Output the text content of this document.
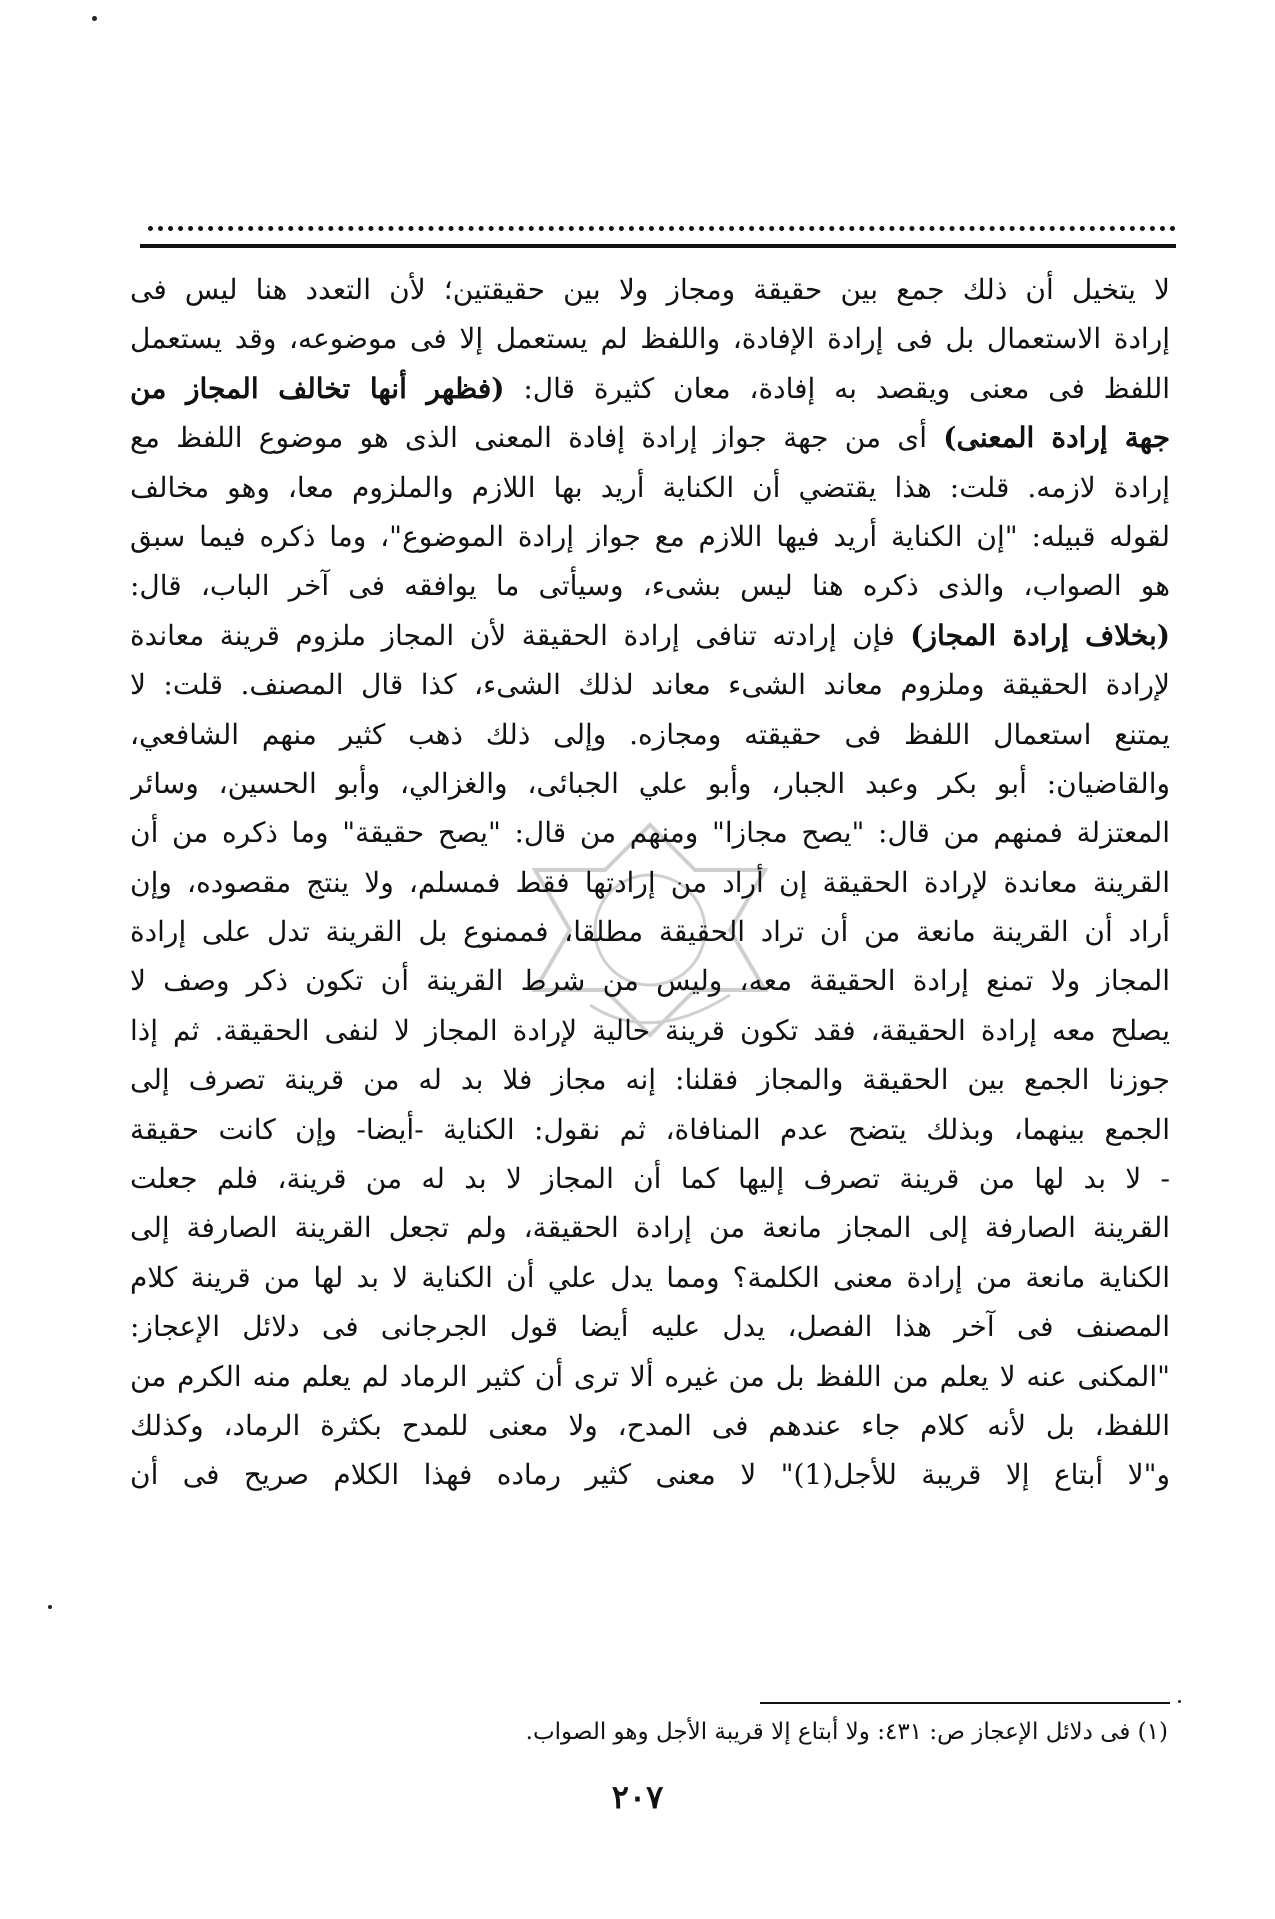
لا يتخيل أن ذلك جمع بين حقيقة ومجاز ولا بين حقيقتين؛ لأن التعدد هنا ليس فى
إرادة الاستعمال بل فى إرادة الإفادة، واللفظ لم يستعمل إلا فى موضوعه، وقد يستعمل
اللفظ فى معنى ويقصد به إفادة، معان كثيرة قال: (فظهر أنها تخالف المجاز من
جهة إرادة المعنى) أى من جهة جواز إرادة إفادة المعنى الذى هو موضوع اللفظ مع
إرادة لازمه. قلت: هذا يقتضي أن الكناية أريد بها اللازم والملزوم معا، وهو مخالف
لقوله قبيله: "إن الكناية أريد فيها اللازم مع جواز إرادة الموضوع"، وما ذكره فيما سبق
هو الصواب، والذى ذكره هنا ليس بشىء، وسيأتى ما يوافقه فى آخر الباب، قال:
(بخلاف إرادة المجاز) فإن إرادته تنافى إرادة الحقيقة لأن المجاز ملزوم قرينة معاندة
لإرادة الحقيقة وملزوم معاند الشىء معاند لذلك الشىء، كذا قال المصنف. قلت: لا
يمتنع استعمال اللفظ فى حقيقته ومجازه. وإلى ذلك ذهب كثير منهم الشافعي،
والقاضيان: أبو بكر وعبد الجبار، وأبو علي الجبائى، والغزالي، وأبو الحسين، وسائر
المعتزلة فمنهم من قال: "يصح مجازا" ومنهم من قال: "يصح حقيقة" وما ذكره من أن
القرينة معاندة لإرادة الحقيقة إن أراد من إرادتها فقط فمسلم، ولا ينتج مقصوده، وإن
أراد أن القرينة مانعة من أن تراد الحقيقة مطلقا، فممنوع بل القرينة تدل على إرادة
المجاز ولا تمنع إرادة الحقيقة معه، وليس من شرط القرينة أن تكون ذكر وصف لا
يصلح معه إرادة الحقيقة، فقد تكون قرينة حالية لإرادة المجاز لا لنفى الحقيقة. ثم إذا
جوزنا الجمع بين الحقيقة والمجاز فقلنا: إنه مجاز فلا بد له من قرينة تصرف إلى
الجمع بينهما، وبذلك يتضح عدم المنافاة، ثم نقول: الكناية -أيضا- وإن كانت حقيقة
- لا بد لها من قرينة تصرف إليها كما أن المجاز لا بد له من قرينة، فلم جعلت
القرينة الصارفة إلى المجاز مانعة من إرادة الحقيقة، ولم تجعل القرينة الصارفة إلى
الكناية مانعة من إرادة معنى الكلمة؟ ومما يدل علي أن الكناية لا بد لها من قرينة كلام
المصنف فى آخر هذا الفصل، يدل عليه أيضا قول الجرجانى فى دلائل الإعجاز:
"المكنى عنه لا يعلم من اللفظ بل من غيره ألا ترى أن كثير الرماد لم يعلم منه الكرم من
اللفظ، بل لأنه كلام جاء عندهم فى المدح، ولا معنى للمدح بكثرة الرماد، وكذلك
و"لا أبتاع إلا قريبة للأجل(1)" لا معنى كثير رماده فهذا الكلام صريح فى أن
(١) فى دلائل الإعجاز ص: ٤٣١: ولا أبتاع إلا قريبة الأجل وهو الصواب.
٢٠٧
